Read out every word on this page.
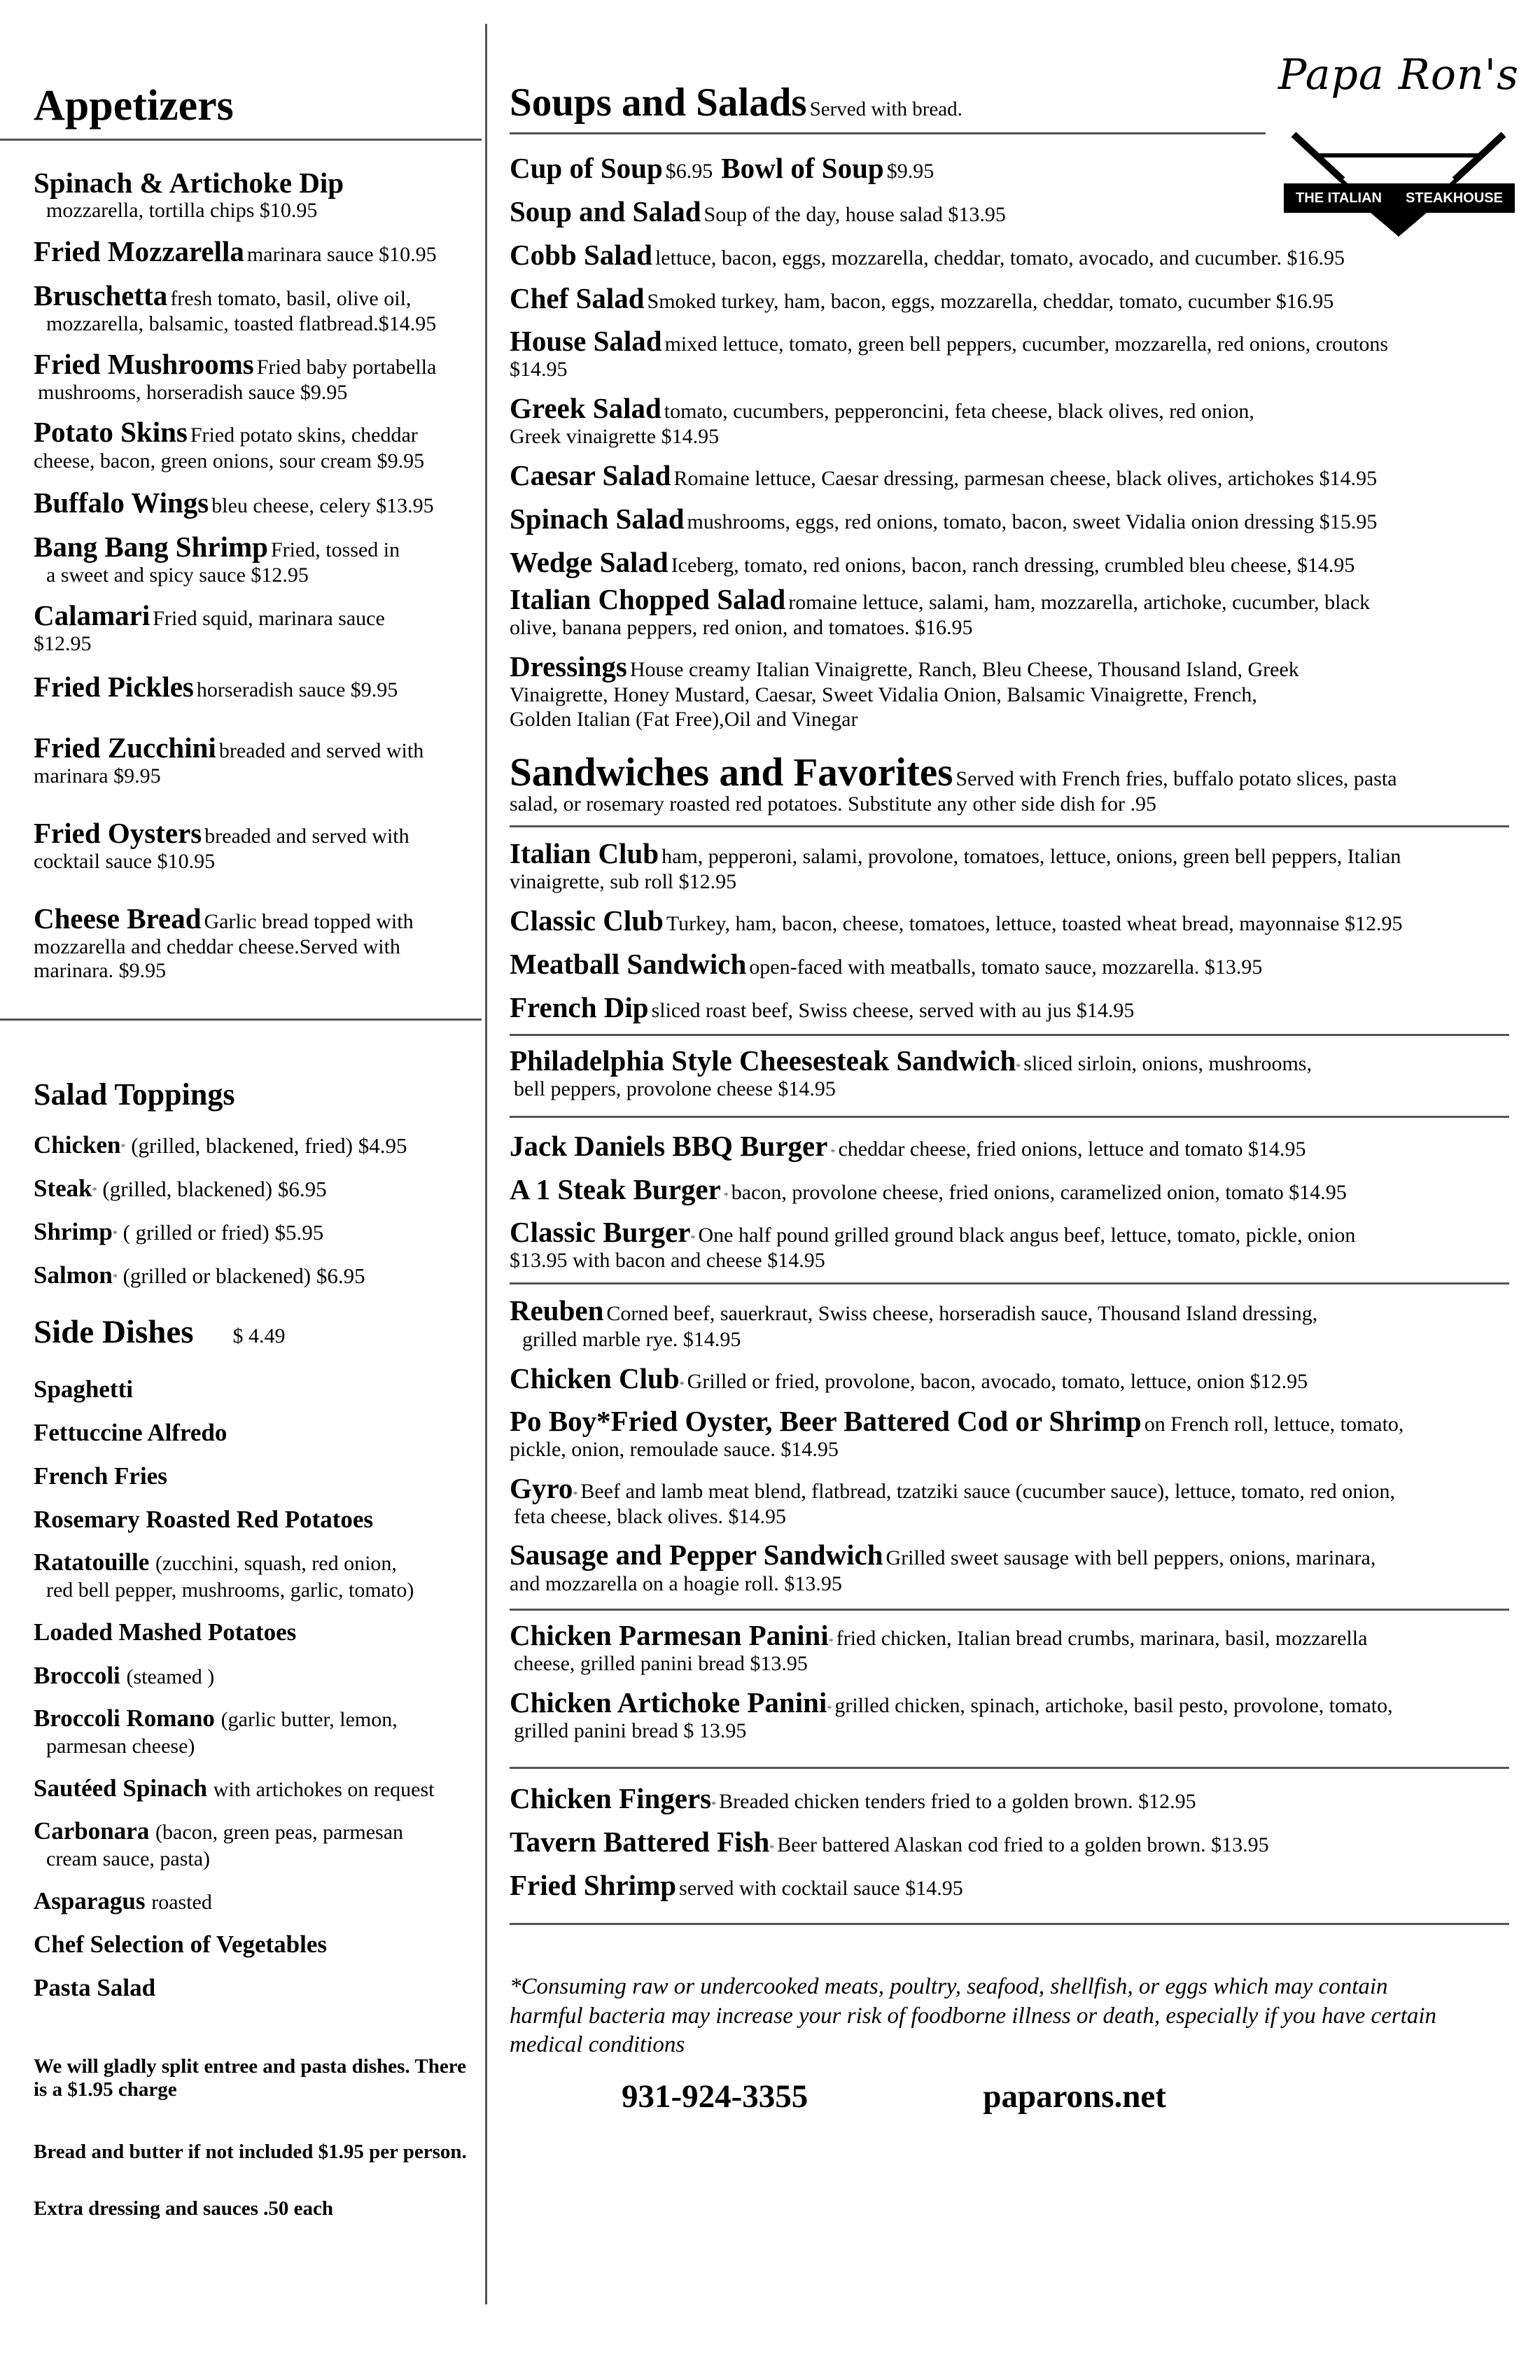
Appetizers
Spinach & Artichoke Dip
mozzarella, tortilla chips $10.95
Fried Mozzarella marinara sauce $10.95
Bruschetta fresh tomato, basil, olive oil,
mozzarella, balsamic, toasted flatbread.$14.95
Fried Mushrooms Fried baby portabella
mushrooms, horseradish sauce $9.95
Potato Skins Fried potato skins, cheddar
cheese, bacon, green onions, sour cream $9.95
Buffalo Wings bleu cheese, celery $13.95
Bang Bang Shrimp Fried, tossed in
a sweet and spicy sauce $12.95
Calamari Fried squid, marinara sauce
$12.95
Fried Pickles horseradish sauce $9.95
Fried Zucchini breaded and served with
marinara $9.95
Fried Oysters breaded and served with
cocktail sauce $10.95
Cheese Bread Garlic bread topped with
mozzarella and cheddar cheese.Served with
marinara. $9.95
Salad Toppings
Chicken* (grilled, blackened, fried) $4.95
Steak* (grilled, blackened) $6.95
Shrimp* ( grilled or fried) $5.95
Salmon* (grilled or blackened) $6.95
Side Dishes $ 4.49
Spaghetti
Fettuccine Alfredo
French Fries
Rosemary Roasted Red Potatoes
Ratatouille (zucchini, squash, red onion,
red bell pepper, mushrooms, garlic, tomato)
Loaded Mashed Potatoes
Broccoli (steamed )
Broccoli Romano (garlic butter, lemon,
parmesan cheese)
Sautéed Spinach with artichokes on request
Carbonara (bacon, green peas, parmesan
cream sauce, pasta)
Asparagus roasted
Chef Selection of Vegetables
Pasta Salad
We will gladly split entree and pasta dishes. There is a $1.95 charge
Bread and butter if not included $1.95 per person.
Extra dressing and sauces .50 each
Papa Ron's
THE ITALIAN STEAKHOUSE
Soups and Salads Served with bread.
Cup of Soup $6.95 Bowl of Soup $9.95
Soup and Salad Soup of the day, house salad $13.95
Cobb Salad lettuce, bacon, eggs, mozzarella, cheddar, tomato, avocado, and cucumber. $16.95
Chef Salad Smoked turkey, ham, bacon, eggs, mozzarella, cheddar, tomato, cucumber $16.95
House Salad mixed lettuce, tomato, green bell peppers, cucumber, mozzarella, red onions, croutons
$14.95
Greek Salad tomato, cucumbers, pepperoncini, feta cheese, black olives, red onion,
Greek vinaigrette $14.95
Caesar Salad Romaine lettuce, Caesar dressing, parmesan cheese, black olives, artichokes $14.95
Spinach Salad mushrooms, eggs, red onions, tomato, bacon, sweet Vidalia onion dressing $15.95
Wedge Salad Iceberg, tomato, red onions, bacon, ranch dressing, crumbled bleu cheese, $14.95
Italian Chopped Salad romaine lettuce, salami, ham, mozzarella, artichoke, cucumber, black
olive, banana peppers, red onion, and tomatoes. $16.95
Dressings House creamy Italian Vinaigrette, Ranch, Bleu Cheese, Thousand Island, Greek
Vinaigrette, Honey Mustard, Caesar, Sweet Vidalia Onion, Balsamic Vinaigrette, French,
Golden Italian (Fat Free),Oil and Vinegar
Sandwiches and Favorites Served with French fries, buffalo potato slices, pasta
salad, or rosemary roasted red potatoes. Substitute any other side dish for .95
Italian Club ham, pepperoni, salami, provolone, tomatoes, lettuce, onions, green bell peppers, Italian
vinaigrette, sub roll $12.95
Classic Club Turkey, ham, bacon, cheese, tomatoes, lettuce, toasted wheat bread, mayonnaise $12.95
Meatball Sandwich open-faced with meatballs, tomato sauce, mozzarella. $13.95
French Dip sliced roast beef, Swiss cheese, served with au jus $14.95
Philadelphia Style Cheesesteak Sandwich* sliced sirloin, onions, mushrooms,
bell peppers, provolone cheese $14.95
Jack Daniels BBQ Burger * cheddar cheese, fried onions, lettuce and tomato $14.95
A 1 Steak Burger * bacon, provolone cheese, fried onions, caramelized onion, tomato $14.95
Classic Burger* One half pound grilled ground black angus beef, lettuce, tomato, pickle, onion
$13.95 with bacon and cheese $14.95
Reuben Corned beef, sauerkraut, Swiss cheese, horseradish sauce, Thousand Island dressing,
grilled marble rye. $14.95
Chicken Club* Grilled or fried, provolone, bacon, avocado, tomato, lettuce, onion $12.95
Po Boy*Fried Oyster, Beer Battered Cod or Shrimp on French roll, lettuce, tomato,
pickle, onion, remoulade sauce. $14.95
Gyro* Beef and lamb meat blend, flatbread, tzatziki sauce (cucumber sauce), lettuce, tomato, red onion,
feta cheese, black olives. $14.95
Sausage and Pepper Sandwich Grilled sweet sausage with bell peppers, onions, marinara,
and mozzarella on a hoagie roll. $13.95
Chicken Parmesan Panini* fried chicken, Italian bread crumbs, marinara, basil, mozzarella
cheese, grilled panini bread $13.95
Chicken Artichoke Panini* grilled chicken, spinach, artichoke, basil pesto, provolone, tomato,
grilled panini bread $ 13.95
Chicken Fingers* Breaded chicken tenders fried to a golden brown. $12.95
Tavern Battered Fish* Beer battered Alaskan cod fried to a golden brown. $13.95
Fried Shrimp served with cocktail sauce $14.95
*Consuming raw or undercooked meats, poultry, seafood, shellfish, or eggs which may contain harmful bacteria may increase your risk of foodborne illness or death, especially if you have certain medical conditions
931-924-3355	paparons.net
